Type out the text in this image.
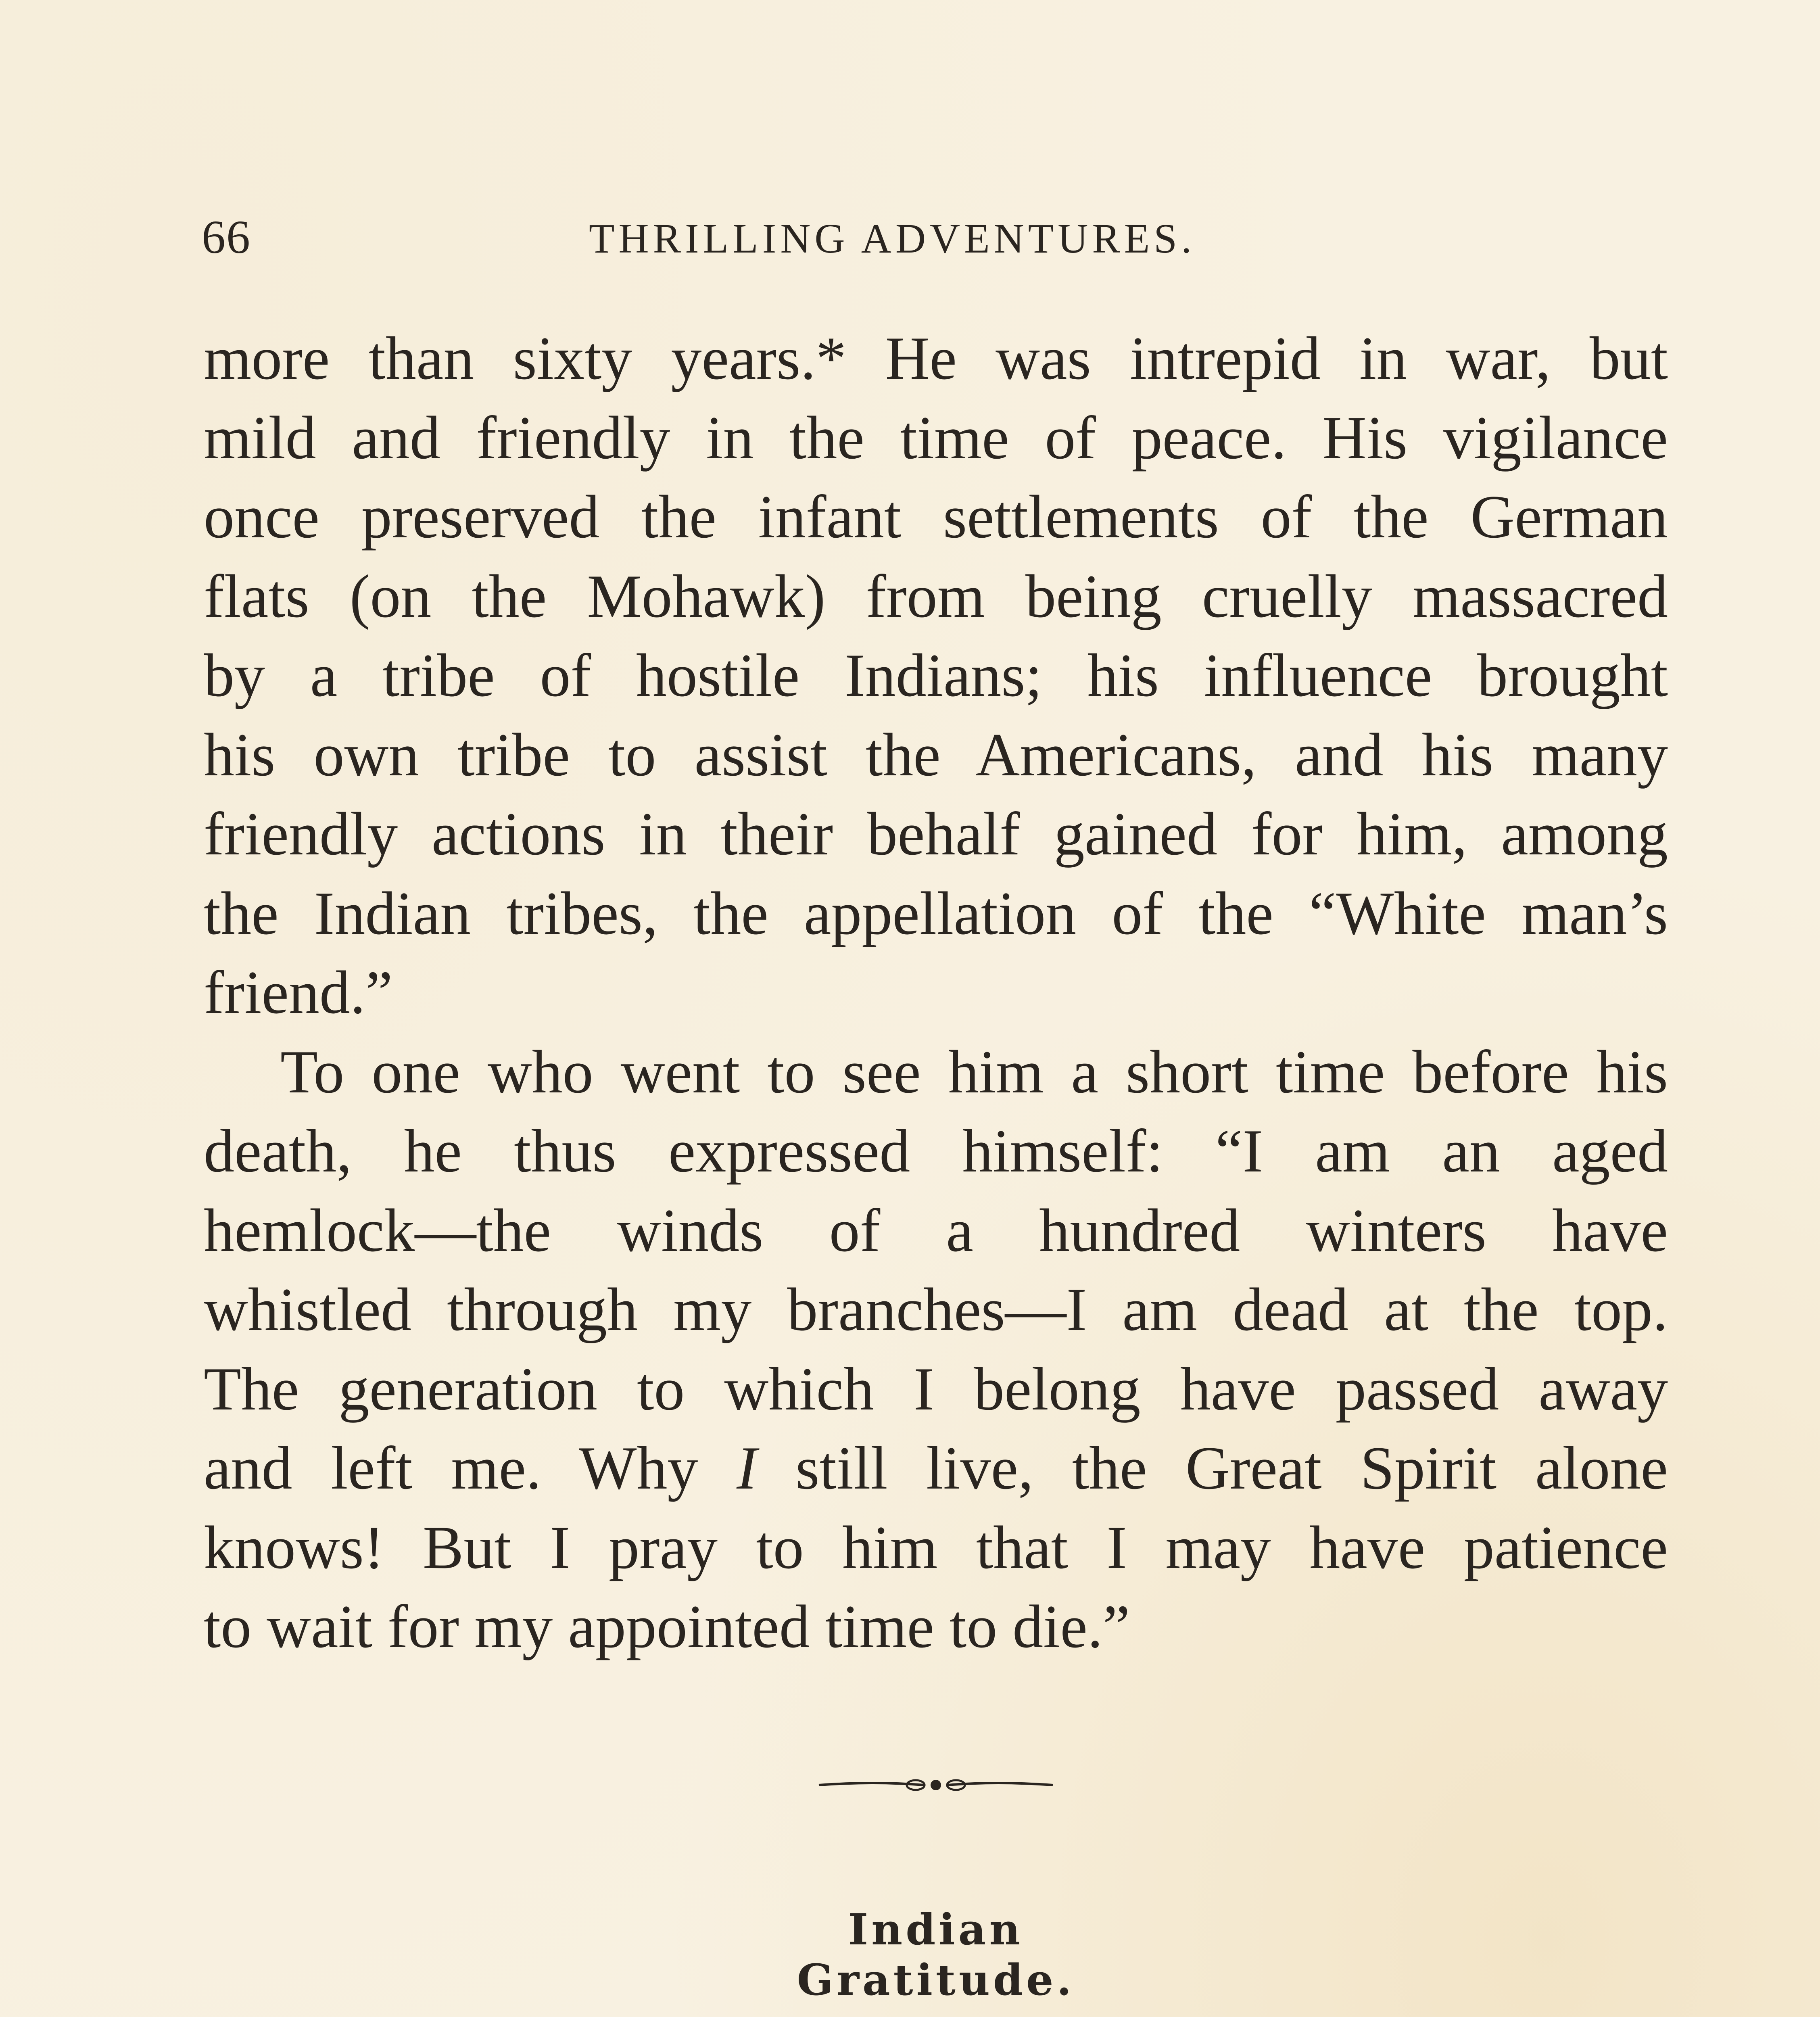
66	THRILLING ADVENTURES.
more than sixty years.* He was intrepid in war, but
mild and friendly in the time of peace. His vigilance
once preserved the infant settlements of the German
flats (on the Mohawk) from being cruelly massacred
by a tribe of hostile Indians; his influence brought
his own tribe to assist the Americans, and his many
friendly actions in their behalf gained for him, among
the Indian tribes, the appellation of the “White man’s
friend.”
To one who went to see him a short time before his
death, he thus expressed himself: “I am an aged
hemlock—the winds of a hundred winters have
whistled through my branches—I am dead at the top.
The generation to which I belong have passed away
and left me. Why I still live, the Great Spirit alone
knows! But I pray to him that I may have patience
to wait for my appointed time to die.”
Indian Gratitude.
